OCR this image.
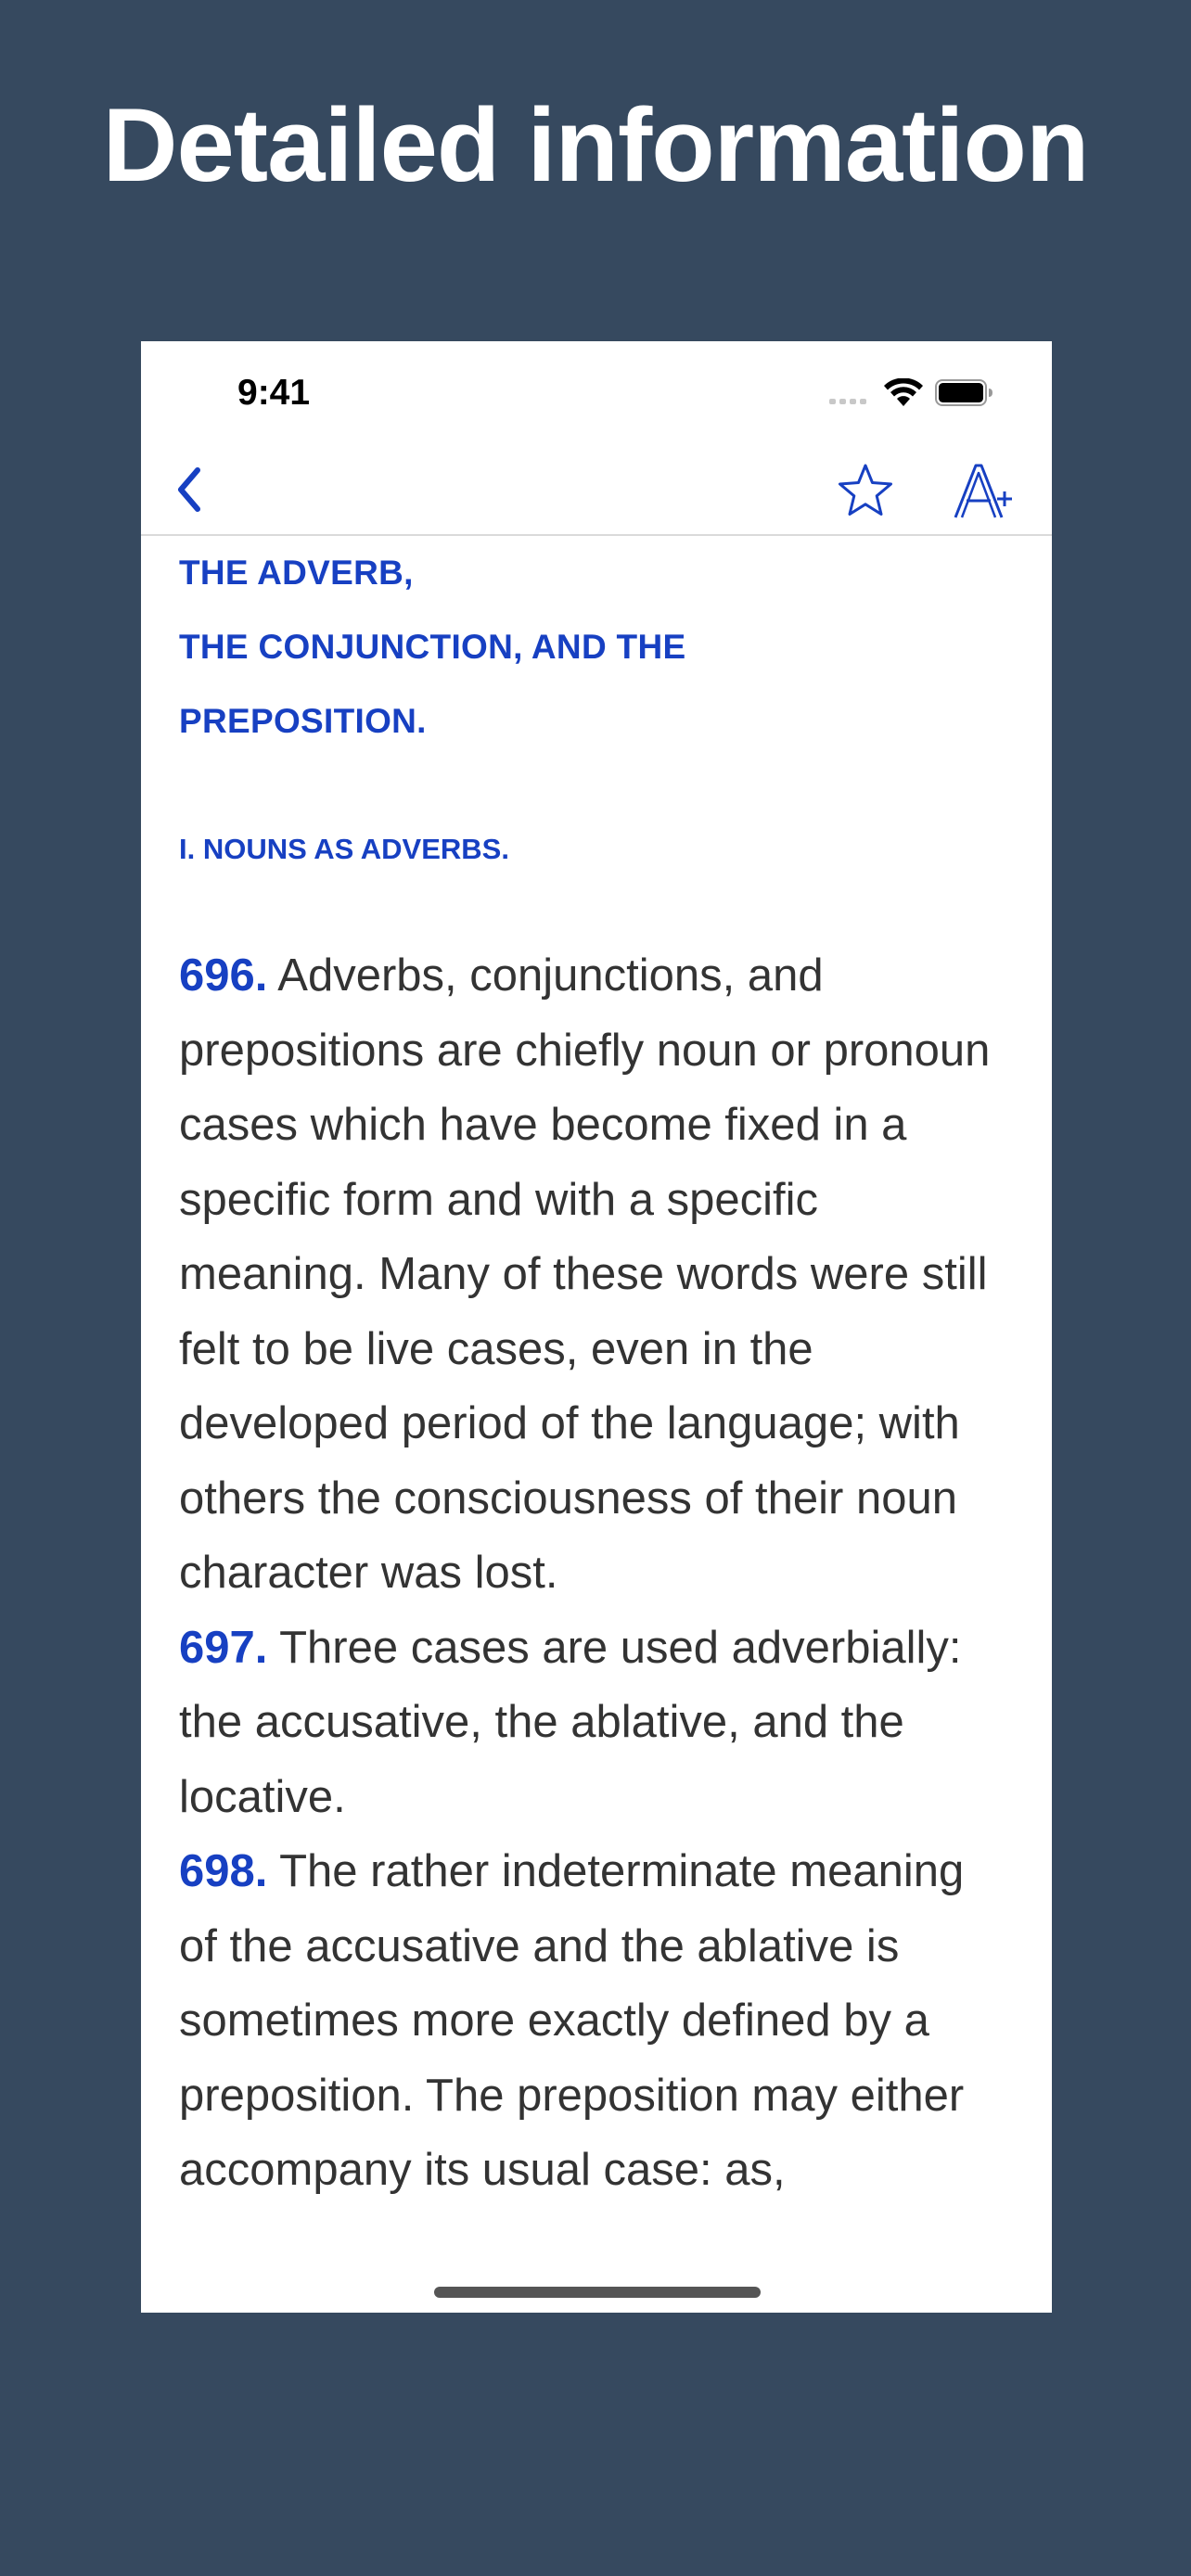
Detailed information
9:41
THE ADVERB,
THE CONJUNCTION, AND THE
PREPOSITION.
I. NOUNS AS ADVERBS.
696. Adverbs, conjunctions, and prepositions are chiefly noun or pronoun cases which have become fixed in a specific form and with a specific meaning. Many of these words were still felt to be live cases, even in the developed period of the language; with others the consciousness of their noun character was lost.
697. Three cases are used adverbially: the accusative, the ablative, and the locative.
698. The rather indeterminate meaning of the accusative and the ablative is sometimes more exactly defined by a preposition. The preposition may either accompany its usual case: as,
